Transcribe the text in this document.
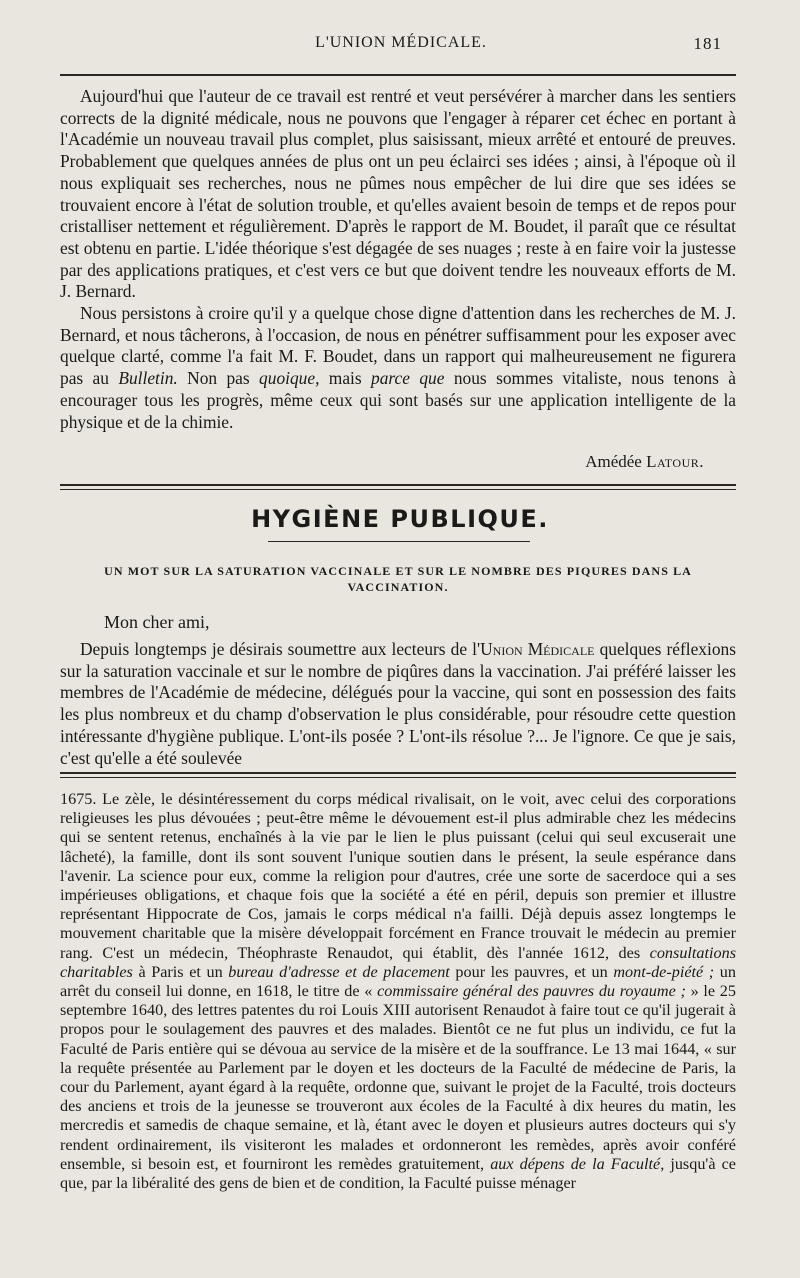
L'UNION MÉDICALE.	181

Aujourd'hui que l'auteur de ce travail est rentré et veut persévérer à marcher dans les sentiers corrects de la dignité médicale, nous ne pouvons que l'engager à réparer cet échec en portant à l'Académie un nouveau travail plus complet, plus saisissant, mieux arrêté et entouré de preuves. Probablement que quelques années de plus ont un peu éclairci ses idées ; ainsi, à l'époque où il nous expliquait ses recherches, nous ne pûmes nous empêcher de lui dire que ses idées se trouvaient encore à l'état de solution trouble, et qu'elles avaient besoin de temps et de repos pour cristalliser nettement et régulièrement. D'après le rapport de M. Boudet, il paraît que ce résultat est obtenu en partie. L'idée théorique s'est dégagée de ses nuages ; reste à en faire voir la justesse par des applications pratiques, et c'est vers ce but que doivent tendre les nouveaux efforts de M. J. Bernard.

Nous persistons à croire qu'il y a quelque chose digne d'attention dans les recherches de M. J. Bernard, et nous tâcherons, à l'occasion, de nous en pénétrer suffisamment pour les exposer avec quelque clarté, comme l'a fait M. F. Boudet, dans un rapport qui malheureusement ne figurera pas au Bulletin. Non pas quoique, mais parce que nous sommes vitaliste, nous tenons à encourager tous les progrès, même ceux qui sont basés sur une application intelligente de la physique et de la chimie.

Amédée Latour.
HYGIÈNE PUBLIQUE.
UN MOT SUR LA SATURATION VACCINALE ET SUR LE NOMBRE DES PIQURES DANS LA VACCINATION.
Mon cher ami,

Depuis longtemps je désirais soumettre aux lecteurs de l'Union Médicale quelques réflexions sur la saturation vaccinale et sur le nombre de piqûres dans la vaccination. J'ai préféré laisser les membres de l'Académie de médecine, délégués pour la vaccine, qui sont en possession des faits les plus nombreux et du champ d'observation le plus considérable, pour résoudre cette question intéressante d'hygiène publique. L'ont-ils posée ? L'ont-ils résolue ?... Je l'ignore. Ce que je sais, c'est qu'elle a été soulevée

1675. Le zèle, le désintéressement du corps médical rivalisait, on le voit, avec celui des corporations religieuses les plus dévouées ; peut-être même le dévouement est-il plus admirable chez les médecins qui se sentent retenus, enchaînés à la vie par le lien le plus puissant (celui qui seul excuserait une lâcheté), la famille, dont ils sont souvent l'unique soutien dans le présent, la seule espérance dans l'avenir. La science pour eux, comme la religion pour d'autres, crée une sorte de sacerdoce qui a ses impérieuses obligations, et chaque fois que la société a été en péril, depuis son premier et illustre représentant Hippocrate de Cos, jamais le corps médical n'a failli. Déjà depuis assez longtemps le mouvement charitable que la misère développait forcément en France trouvait le médecin au premier rang. C'est un médecin, Théophraste Renaudot, qui établit, dès l'année 1612, des consultations charitables à Paris et un bureau d'adresse et de placement pour les pauvres, et un mont-de-piété ; un arrêt du conseil lui donne, en 1618, le titre de « commissaire général des pauvres du royaume ; » le 25 septembre 1640, des lettres patentes du roi Louis XIII autorisent Renaudot à faire tout ce qu'il jugerait à propos pour le soulagement des pauvres et des malades. Bientôt ce ne fut plus un individu, ce fut la Faculté de Paris entière qui se dévoua au service de la misère et de la souffrance. Le 13 mai 1644, « sur la requête présentée au Parlement par le doyen et les docteurs de la Faculté de médecine de Paris, la cour du Parlement, ayant égard à la requête, ordonne que, suivant le projet de la Faculté, trois docteurs des anciens et trois de la jeunesse se trouveront aux écoles de la Faculté à dix heures du matin, les mercredis et samedis de chaque semaine, et là, étant avec le doyen et plusieurs autres docteurs qui s'y rendent ordinairement, ils visiteront les malades et ordonneront les remèdes, après avoir conféré ensemble, si besoin est, et fourniront les remèdes gratuitement, aux dépens de la Faculté, jusqu'à ce que, par la libéralité des gens de bien et de condition, la Faculté puisse ménager
